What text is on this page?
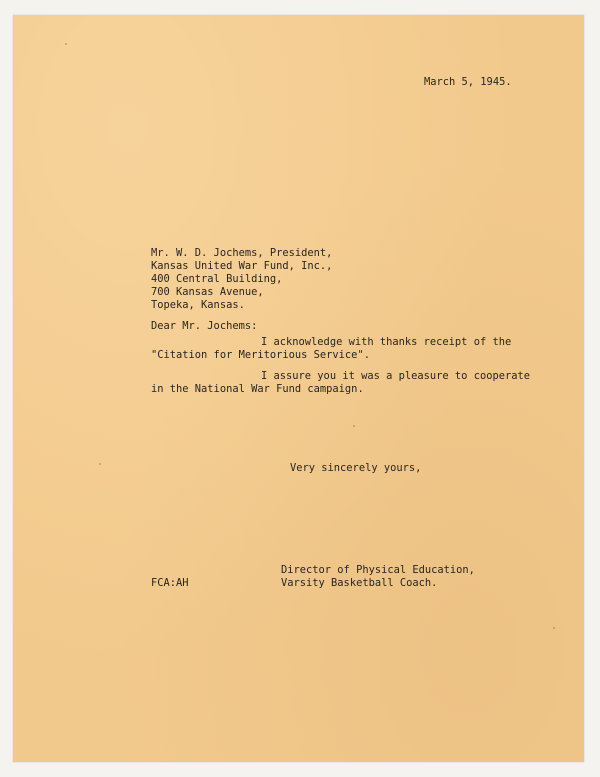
March 5, 1945.
Mr. W. D. Jochems, President,
Kansas United War Fund, Inc.,
400 Central Building,
700 Kansas Avenue,
Topeka, Kansas.
Dear Mr. Jochems:
I acknowledge with thanks receipt of the
"Citation for Meritorious Service".
I assure you it was a pleasure to cooperate
in the National War Fund campaign.
Very sincerely yours,
Director of Physical Education,
Varsity Basketball Coach.
FCA:AH
